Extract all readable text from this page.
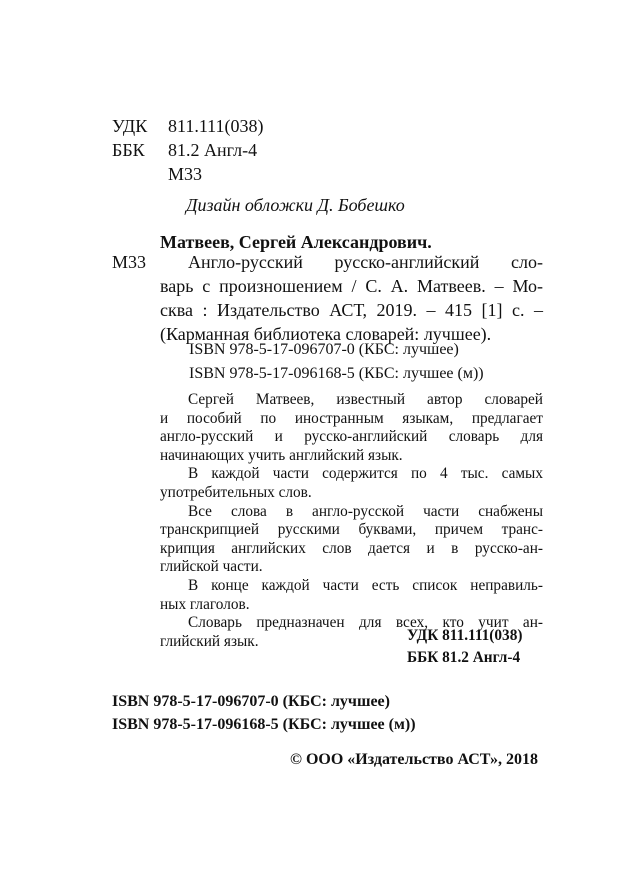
УДК 811.111(038)
ББК 81.2 Англ-4
М33
Дизайн обложки Д. Бобешко
Матвеев, Сергей Александрович.
М33	Англо-русский русско-английский сло-
варь с произношением / С. А. Матвеев. – Мо-
сква : Издательство АСТ, 2019. – 415 [1] с. –
(Карманная библиотека словарей: лучшее).
ISBN 978-5-17-096707-0 (КБС: лучшее)
ISBN 978-5-17-096168-5 (КБС: лучшее (м))
Сергей Матвеев, известный автор словарей
и пособий по иностранным языкам, предлагает
англо-русский и русско-английский словарь для
начинающих учить английский язык.
В каждой части содержится по 4 тыс. самых
употребительных слов.
Все слова в англо-русской части снабжены
транскрипцией русскими буквами, причем транс-
крипция английских слов дается и в русско-ан-
глийской части.
В конце каждой части есть список неправиль-
ных глаголов.
Словарь предназначен для всех, кто учит ан-
глийский язык.	УДК 811.111(038)
ББК 81.2 Англ-4
ISBN 978-5-17-096707-0 (КБС: лучшее)
ISBN 978-5-17-096168-5 (КБС: лучшее (м))
© ООО «Издательство АСТ», 2018
